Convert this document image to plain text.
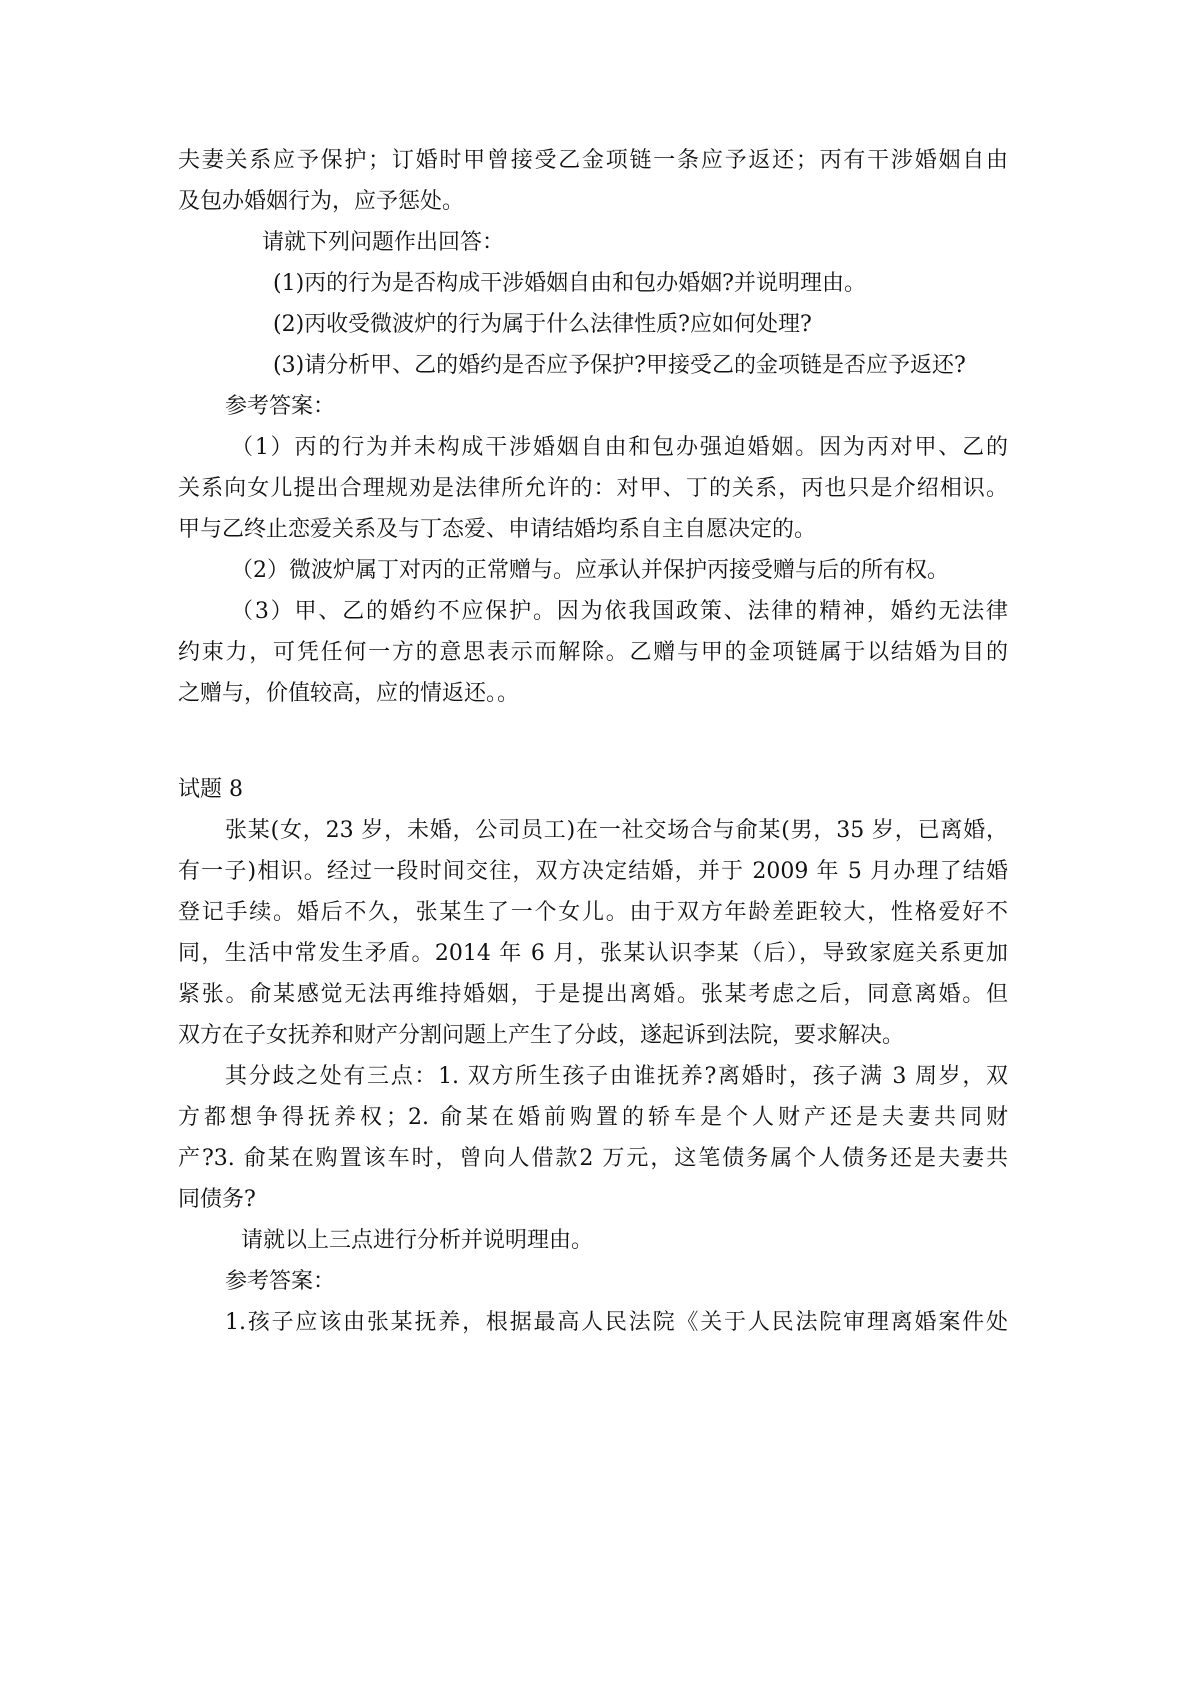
夫妻关系应予保护；订婚时甲曾接受乙金项链一条应予返还；丙有干涉婚姻自由

及包办婚姻行为，应予惩处。

请就下列问题作出回答：

(1)丙的行为是否构成干涉婚姻自由和包办婚姻?并说明理由。

(2)丙收受微波炉的行为属于什么法律性质?应如何处理?

(3)请分析甲、乙的婚约是否应予保护?甲接受乙的金项链是否应予返还?

参考答案：

（1）丙的行为并未构成干涉婚姻自由和包办强迫婚姻。因为丙对甲、乙的

关系向女儿提出合理规劝是法律所允许的：对甲、丁的关系，丙也只是介绍相识。

甲与乙终止恋爱关系及与丁态爱、申请结婚均系自主自愿决定的。

（2）微波炉属丁对丙的正常赠与。应承认并保护丙接受赠与后的所有权。

（3）甲、乙的婚约不应保护。因为依我国政策、法律的精神，婚约无法律

约束力，可凭任何一方的意思表示而解除。乙赠与甲的金项链属于以结婚为目的

之赠与，价值较高，应的情返还。。

试题 8

张某(女，23 岁，未婚，公司员工)在一社交场合与俞某(男，35 岁，已离婚，

有一子)相识。经过一段时间交往，双方决定结婚，并于 2009 年 5 月办理了结婚

登记手续。婚后不久，张某生了一个女儿。由于双方年龄差距较大，性格爱好不

同，生活中常发生矛盾。2014 年 6 月，张某认识李某（后），导致家庭关系更加

紧张。俞某感觉无法再维持婚姻，于是提出离婚。张某考虑之后，同意离婚。但

双方在子女抚养和财产分割问题上产生了分歧，遂起诉到法院，要求解决。

其分歧之处有三点：1. 双方所生孩子由谁抚养?离婚时，孩子满 3 周岁，双

方都想争得抚养权；2. 俞某在婚前购置的轿车是个人财产还是夫妻共同财

产?3. 俞某在购置该车时，曾向人借款2 万元，这笔债务属个人债务还是夫妻共

同债务?

请就以上三点进行分析并说明理由。

参考答案：

1.孩子应该由张某抚养，根据最高人民法院《关于人民法院审理离婚案件处
